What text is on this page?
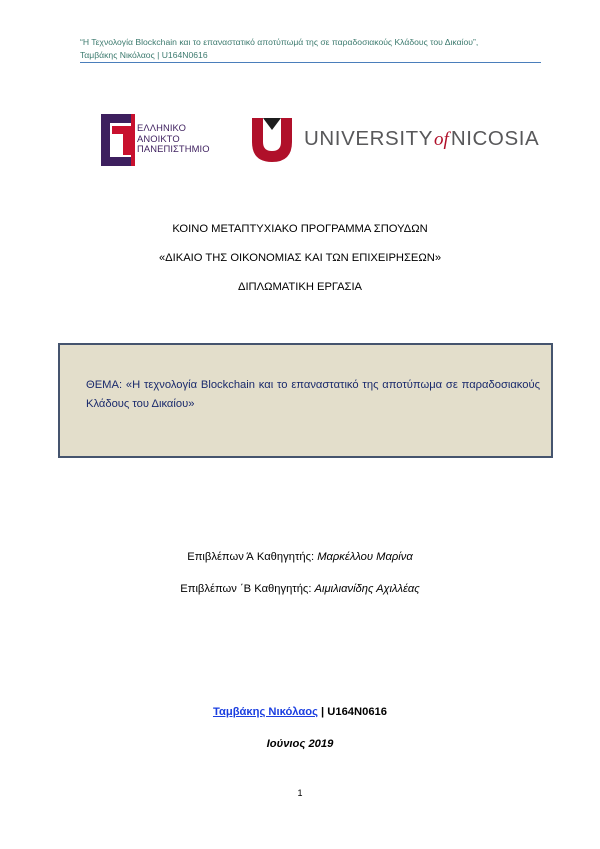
“Η Τεχνολογία Blockchain και το επαναστατικό αποτύπωμά της σε παραδοσιακούς Κλάδους του Δικαίου”,
Ταμβάκης Νικόλαος | U164N0616
ΕΛΛΗΝΙΚΟ
ΑΝΟΙΚΤΟ
ΠΑΝΕΠΙΣΤΗΜΙΟ	UNIVERSITYofNICOSIA
ΚΟΙΝΟ ΜΕΤΑΠΤΥΧΙΑΚΟ ΠΡΟΓΡΑΜΜΑ ΣΠΟΥΔΩΝ
«ΔΙΚΑΙΟ ΤΗΣ ΟΙΚΟΝΟΜΙΑΣ ΚΑΙ ΤΩΝ ΕΠΙΧΕΙΡΗΣΕΩΝ»
ΔΙΠΛΩΜΑΤΙΚΗ ΕΡΓΑΣΙΑ
ΘΕΜΑ: «Η τεχνολογία Blockchain και το επαναστατικό της αποτύπωμα σε παραδοσιακούς Κλάδους του Δικαίου»
Επιβλέπων Ά Καθηγητής: Μαρκέλλου Μαρίνα
Επιβλέπων ΄Β Καθηγητής: Αιμιλιανίδης Αχιλλέας
Ταμβάκης Νικόλαος | U164N0616
Ιούνιος 2019
1
